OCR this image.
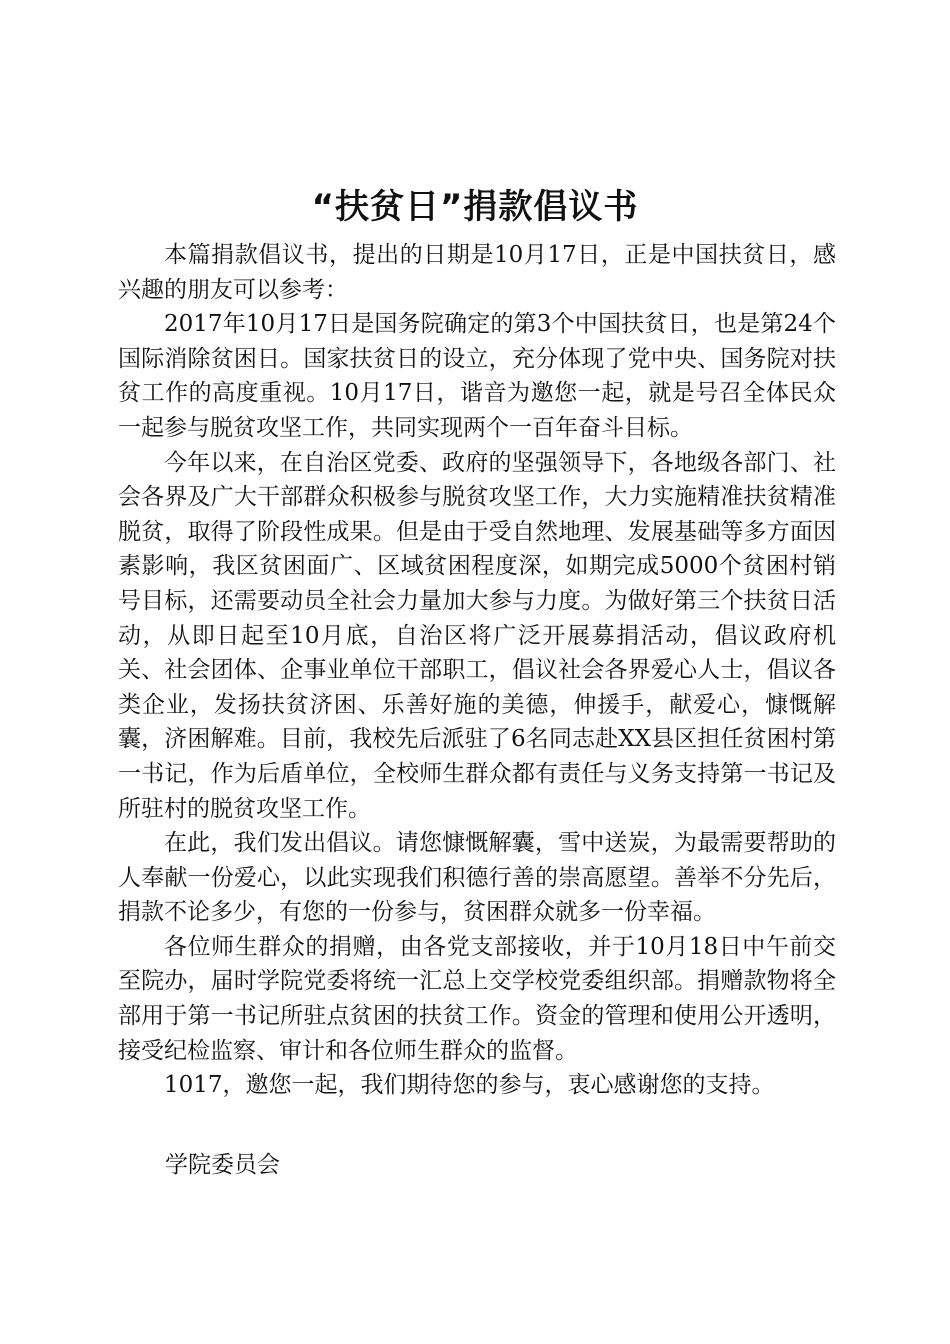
“扶贫日”捐款倡议书

本篇捐款倡议书，提出的日期是10月17日，正是中国扶贫日，感兴趣的朋友可以参考：

2017年10月17日是国务院确定的第3个中国扶贫日，也是第24个国际消除贫困日。国家扶贫日的设立，充分体现了党中央、国务院对扶贫工作的高度重视。10月17日，谐音为邀您一起，就是号召全体民众一起参与脱贫攻坚工作，共同实现两个一百年奋斗目标。

今年以来，在自治区党委、政府的坚强领导下，各地级各部门、社会各界及广大干部群众积极参与脱贫攻坚工作，大力实施精准扶贫精准脱贫，取得了阶段性成果。但是由于受自然地理、发展基础等多方面因素影响，我区贫困面广、区域贫困程度深，如期完成5000个贫困村销号目标，还需要动员全社会力量加大参与力度。为做好第三个扶贫日活动，从即日起至10月底，自治区将广泛开展募捐活动，倡议政府机关、社会团体、企事业单位干部职工，倡议社会各界爱心人士，倡议各类企业，发扬扶贫济困、乐善好施的美德，伸援手，献爱心，慷慨解囊，济困解难。目前，我校先后派驻了6名同志赴XX县区担任贫困村第一书记，作为后盾单位，全校师生群众都有责任与义务支持第一书记及所驻村的脱贫攻坚工作。

在此，我们发出倡议。请您慷慨解囊，雪中送炭，为最需要帮助的人奉献一份爱心，以此实现我们积德行善的崇高愿望。善举不分先后，捐款不论多少，有您的一份参与，贫困群众就多一份幸福。

各位师生群众的捐赠，由各党支部接收，并于10月18日中午前交至院办，届时学院党委将统一汇总上交学校党委组织部。捐赠款物将全部用于第一书记所驻点贫困的扶贫工作。资金的管理和使用公开透明，接受纪检监察、审计和各位师生群众的监督。

1017，邀您一起，我们期待您的参与，衷心感谢您的支持。

学院委员会
